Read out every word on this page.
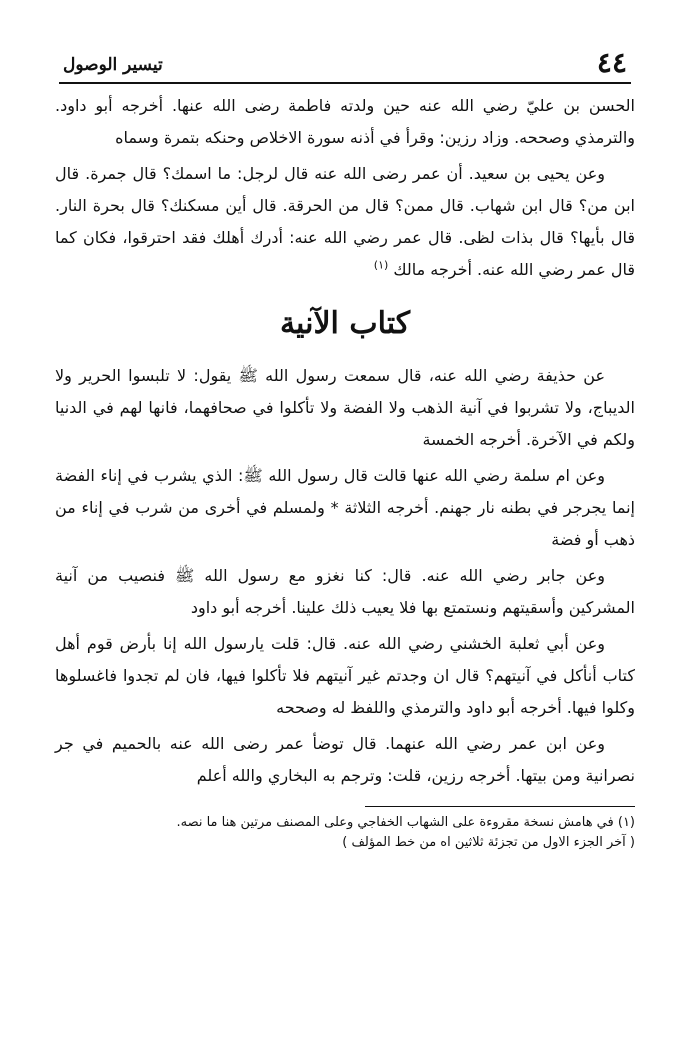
٤٤
تيسير الوصول

الحسن بن عليّ رضي الله عنه حين ولدته فاطمة رضى الله عنها. أخرجه أبو داود. والترمذي وصححه. وزاد رزين: وقرأ في أذنه سورة الاخلاص وحنكه بتمرة وسماه

وعن يحيى بن سعيد. أن عمر رضى الله عنه قال لرجل: ما اسمك؟ قال جمرة. قال ابن من؟ قال ابن شهاب. قال ممن؟ قال من الحرقة. قال أين مسكنك؟ قال بحرة النار. قال بأيها؟ قال بذات لظى. قال عمر رضي الله عنه: أدرك أهلك فقد احترقوا، فكان كما قال عمر رضي الله عنه. أخرجه مالك $^{(١)}$

كتاب الآنية

عن حذيفة رضي الله عنه، قال سمعت رسول الله ﷺ يقول: لا تلبسوا الحرير ولا الديباج، ولا تشربوا في آنية الذهب ولا الفضة ولا تأكلوا في صحافهما، فانها لهم في الدنيا ولكم في الآخرة. أخرجه الخمسة

وعن ام سلمة رضي الله عنها قالت قال رسول الله ﷺ: الذي يشرب في إناء الفضة إنما يجرجر في بطنه نار جهنم. أخرجه الثلاثة * ولمسلم في أخرى من شرب في إناء من ذهب أو فضة

وعن جابر رضي الله عنه. قال: كنا نغزو مع رسول الله ﷺ فنصيب من آنية المشركين وأسقيتهم ونستمتع بها فلا يعيب ذلك علينا. أخرجه أبو داود

وعن أبي ثعلبة الخشني رضي الله عنه. قال: قلت يارسول الله إنا بأرض قوم أهل كتاب أنأكل في آنيتهم؟ قال ان وجدتم غير آنيتهم فلا تأكلوا فيها، فان لم تجدوا فاغسلوها وكلوا فيها. أخرجه أبو داود والترمذي واللفظ له وصححه

وعن ابن عمر رضي الله عنهما. قال توضأ عمر رضى الله عنه بالحميم في جر نصرانية ومن بيتها. أخرجه رزين، قلت: وترجم به البخاري والله أعلم

(١) في هامش نسخة مقروءة على الشهاب الخفاجي وعلى المصنف مرتين هنا ما نصه.

( آخر الجزء الاول من تجزئة ثلاثين اه من خط المؤلف )
